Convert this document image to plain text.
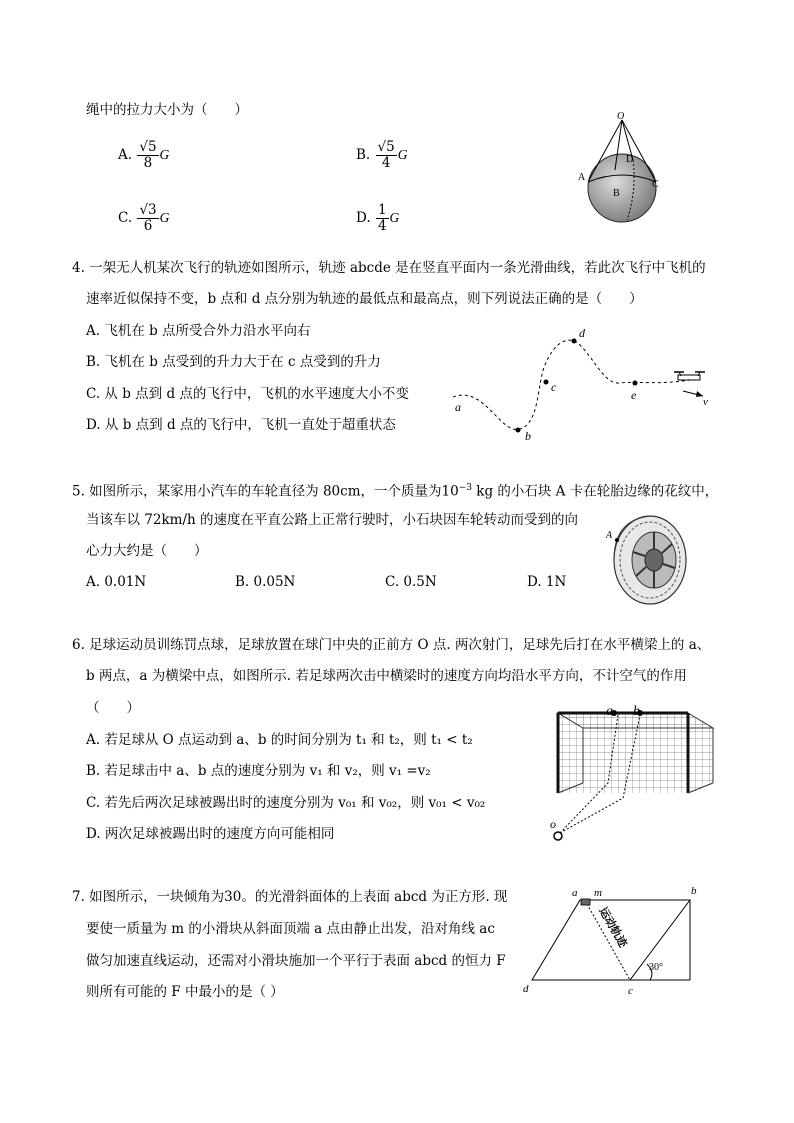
绳中的拉力大小为（　　）
A. $\frac{√5}{8}$ G	B. $\frac{√5}{4}$ G
C. $\frac{√3}{6}$ G	D. $\frac{1}{4}$ G
O
A
B
C
D
4. 一架无人机某次飞行的轨迹如图所示，轨迹 abcde 是在竖直平面内一条光滑曲线，若此次飞行中飞机的
速率近似保持不变，b 点和 d 点分别为轨迹的最低点和最高点，则下列说法正确的是（　　）
A. 飞机在 b 点所受合外力沿水平向右
B. 飞机在 b 点受到的升力大于在 c 点受到的升力
C. 从 b 点到 d 点的飞行中，飞机的水平速度大小不变
D. 从 b 点到 d 点的飞行中，飞机一直处于超重状态
a
b
c
d
e	v
5. 如图所示，某家用小汽车的车轮直径为 80cm，一个质量为$10^{-3}$ kg 的小石块 A 卡在轮胎边缘的花纹中，
当该车以 72km/h 的速度在平直公路上正常行驶时，小石块因车轮转动而受到的向
心力大约是（　　）
A. 0.01N	B. 0.05N	C. 0.5N	D. 1N
A
6. 足球运动员训练罚点球，足球放置在球门中央的正前方 O 点. 两次射门，足球先后打在水平横梁上的 a、
b 两点，a 为横梁中点，如图所示. 若足球两次击中横梁时的速度方向均沿水平方向，不计空气的作用
（　　）
A. 若足球从 O 点运动到 a、b 的时间分别为 t₁ 和 t₂，则 t₁ < t₂
B. 若足球击中 a、b 点的速度分别为 v₁ 和 v₂，则 v₁ =v₂
C. 若先后两次足球被踢出时的速度分别为 v₀₁ 和 v₀₂，则 v₀₁ < v₀₂
D. 两次足球被踢出时的速度方向可能相同
a b
o
7. 如图所示，一块倾角为30。的光滑斜面体的上表面 abcd 为正方形. 现
要使一质量为 m 的小滑块从斜面顶端 a 点由静止出发，沿对角线 ac
做匀加速直线运动，还需对小滑块施加一个平行于表面 abcd 的恒力 F
则所有可能的 F 中最小的是（ ）
运动轨迹
a m	b
c
d
30°
